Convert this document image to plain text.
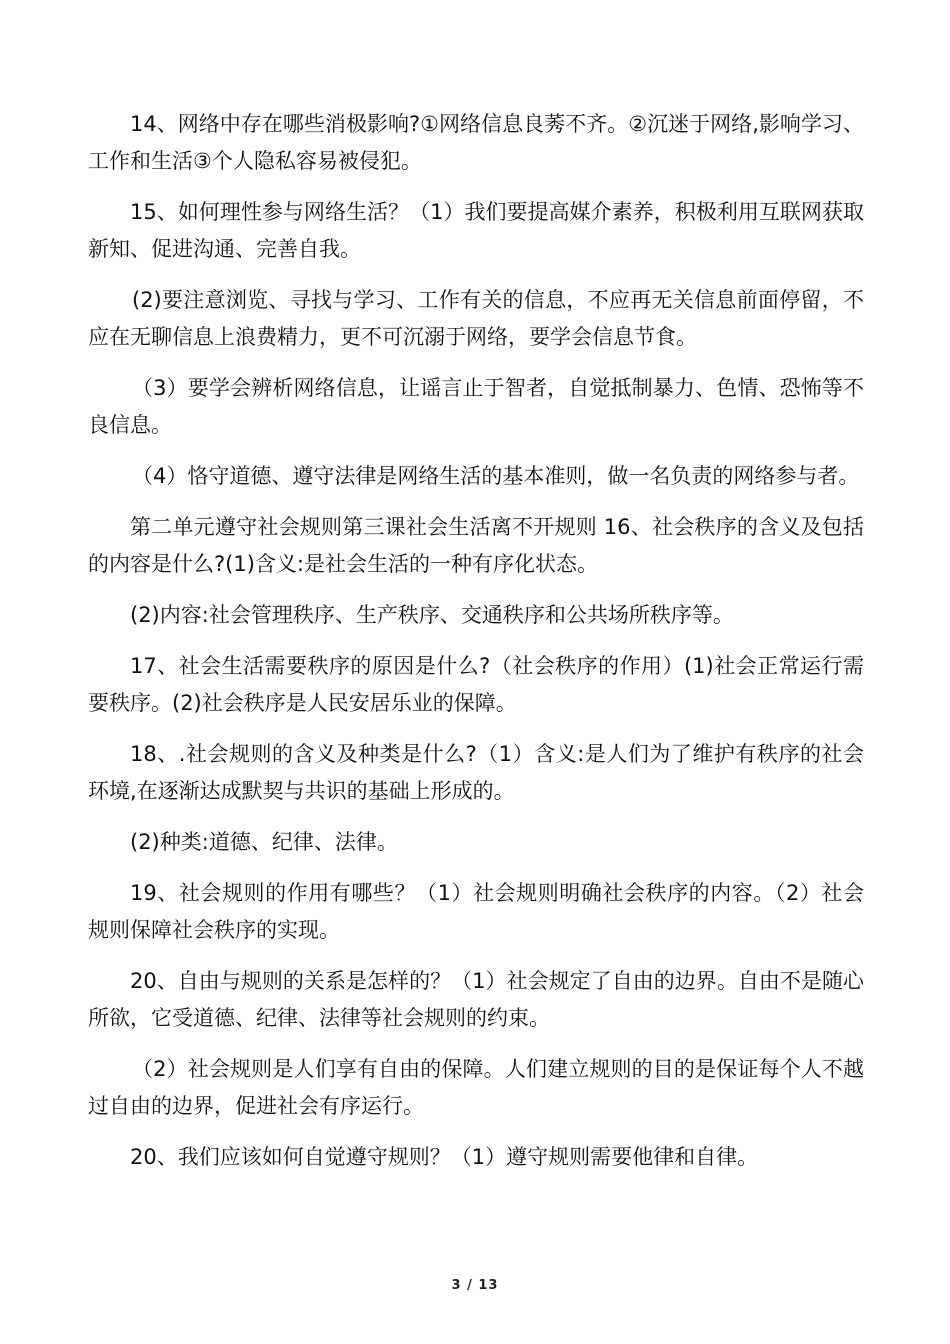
14、网络中存在哪些消极影响?①网络信息良莠不齐。②沉迷于网络,影响学习、工作和生活③个人隐私容易被侵犯。

15、如何理性参与网络生活？（1）我们要提高媒介素养，积极利用互联网获取新知、促进沟通、完善自我。

(2)要注意浏览、寻找与学习、工作有关的信息，不应再无关信息前面停留，不应在无聊信息上浪费精力，更不可沉溺于网络，要学会信息节食。

（3）要学会辨析网络信息，让谣言止于智者，自觉抵制暴力、色情、恐怖等不良信息。

（4）恪守道德、遵守法律是网络生活的基本准则，做一名负责的网络参与者。

第二单元遵守社会规则第三课社会生活离不开规则 16、社会秩序的含义及包括的内容是什么?(1)含义:是社会生活的一种有序化状态。

(2)内容:社会管理秩序、生产秩序、交通秩序和公共场所秩序等。

17、社会生活需要秩序的原因是什么?（社会秩序的作用）(1)社会正常运行需要秩序。(2)社会秩序是人民安居乐业的保障。

18、.社会规则的含义及种类是什么?（1）含义:是人们为了维护有秩序的社会环境,在逐渐达成默契与共识的基础上形成的。

(2)种类:道德、纪律、法律。

19、社会规则的作用有哪些？（1）社会规则明确社会秩序的内容。（2）社会规则保障社会秩序的实现。

20、自由与规则的关系是怎样的？（1）社会规定了自由的边界。自由不是随心所欲，它受道德、纪律、法律等社会规则的约束。

（2）社会规则是人们享有自由的保障。人们建立规则的目的是保证每个人不越过自由的边界，促进社会有序运行。

20、我们应该如何自觉遵守规则？（1）遵守规则需要他律和自律。

3 / 13
